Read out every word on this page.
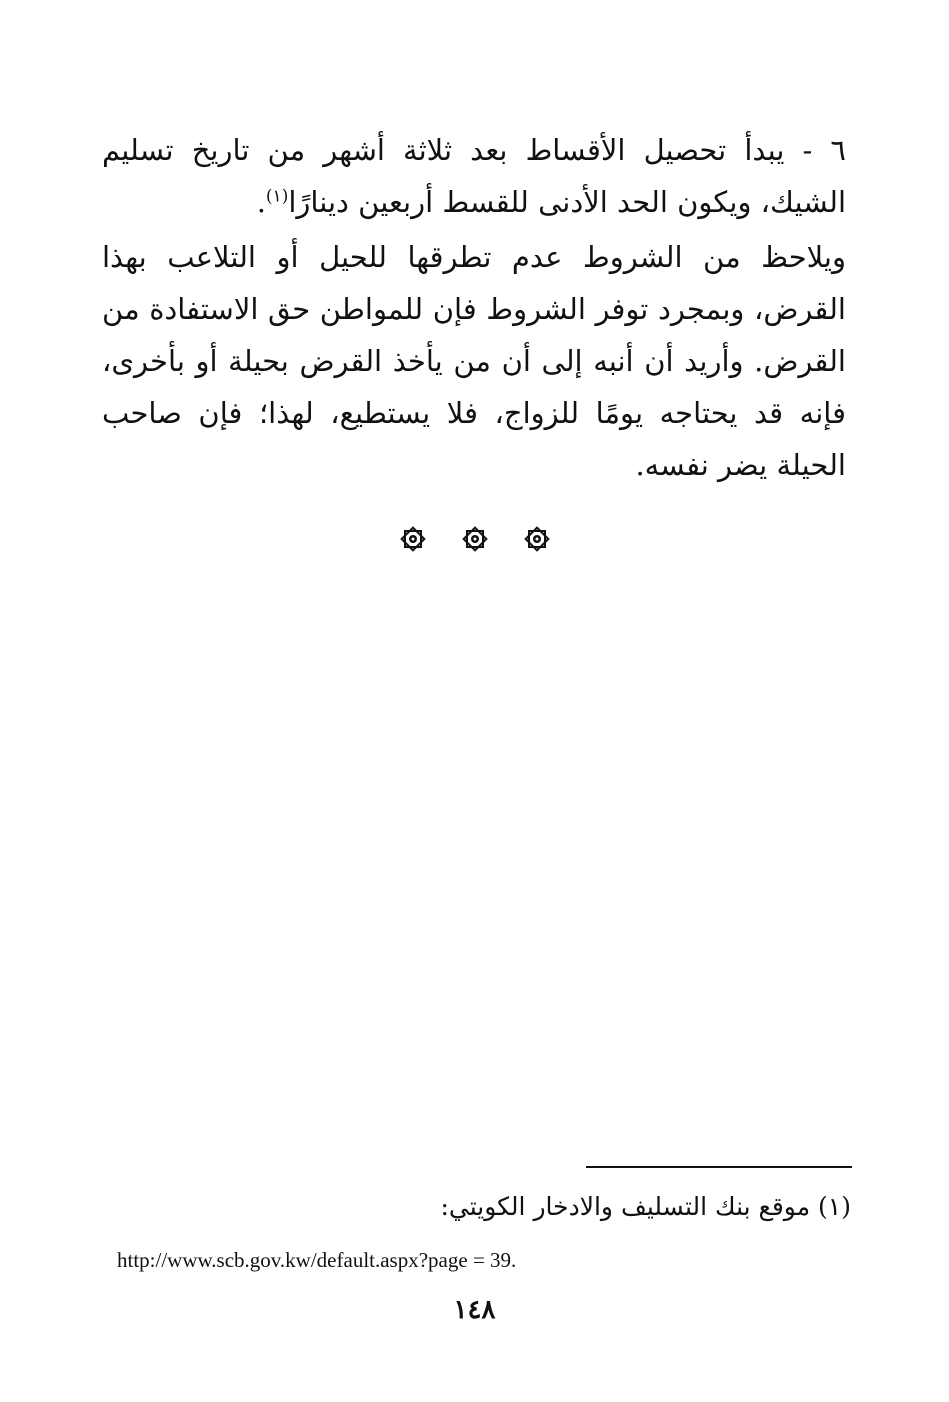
٦ - يبدأ تحصيل الأقساط بعد ثلاثة أشهر من تاريخ تسليم الشيك، ويكون الحد الأدنى للقسط أربعين دينارًا$^{(١)}$.

ويلاحظ من الشروط عدم تطرقها للحيل أو التلاعب بهذا القرض، وبمجرد توفر الشروط فإن للمواطن حق الاستفادة من القرض. وأريد أن أنبه إلى أن من يأخذ القرض بحيلة أو بأخرى، فإنه قد يحتاجه يومًا للزواج، فلا يستطيع، لهذا؛ فإن صاحب الحيلة يضر نفسه.

(١) موقع بنك التسليف والادخار الكويتي:

http://www.scb.gov.kw/default.aspx?page = 39.

١٤٨
